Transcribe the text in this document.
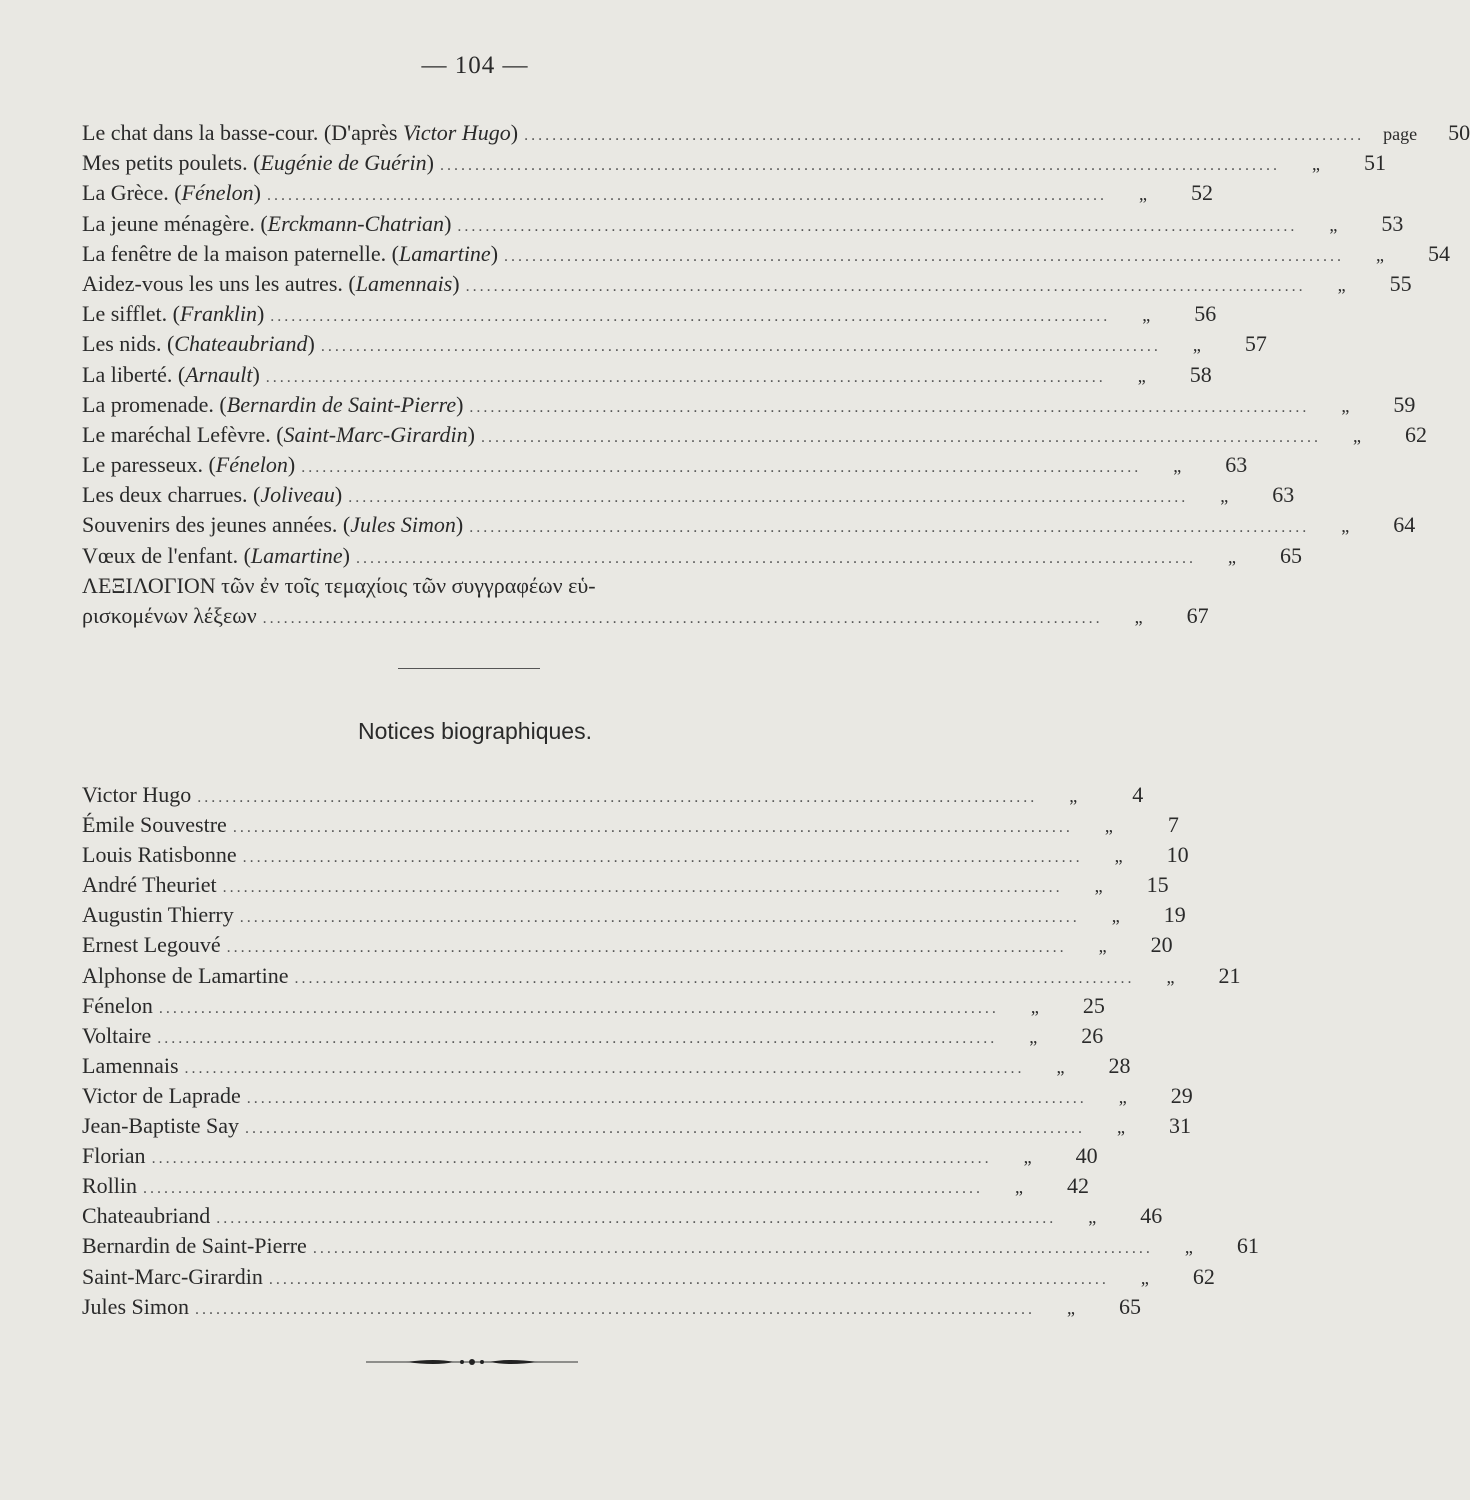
— 104 —
Le chat dans la basse-cour. (D'après Victor Hugo) ........................................................................................................................	page	50
Mes petits poulets. (Eugénie de Guérin) ........................................................................................................................	„	51
La Grèce. (Fénelon) ........................................................................................................................	„	52
La jeune ménagère. (Erckmann-Chatrian) ........................................................................................................................	„	53
La fenêtre de la maison paternelle. (Lamartine) ........................................................................................................................	„	54
Aidez-vous les uns les autres. (Lamennais) ........................................................................................................................	„	55
Le sifflet. (Franklin) ........................................................................................................................	„	56
Les nids. (Chateaubriand) ........................................................................................................................	„	57
La liberté. (Arnault) ........................................................................................................................	„	58
La promenade. (Bernardin de Saint-Pierre) ........................................................................................................................	„	59
Le maréchal Lefèvre. (Saint-Marc-Girardin) ........................................................................................................................	„	62
Le paresseux. (Fénelon) ........................................................................................................................	„	63
Les deux charrues. (Joliveau) ........................................................................................................................	„	63
Souvenirs des jeunes années. (Jules Simon) ........................................................................................................................	„	64
Vœux de l'enfant. (Lamartine) ........................................................................................................................	„	65
ΛΕΞΙΛΟΓΙΟΝ τῶν ἐν τοῖς τεμαχίοις τῶν συγγραφέων εὑ-
ρισκομένων λέξεων ........................................................................................................................	„	67
Notices biographiques.
Victor Hugo ........................................................................................................................	„	4
Émile Souvestre ........................................................................................................................	„	7
Louis Ratisbonne ........................................................................................................................	„	10
André Theuriet ........................................................................................................................	„	15
Augustin Thierry ........................................................................................................................	„	19
Ernest Legouvé ........................................................................................................................	„	20
Alphonse de Lamartine ........................................................................................................................	„	21
Fénelon ........................................................................................................................	„	25
Voltaire ........................................................................................................................	„	26
Lamennais ........................................................................................................................	„	28
Victor de Laprade ........................................................................................................................	„	29
Jean-Baptiste Say ........................................................................................................................	„	31
Florian ........................................................................................................................	„	40
Rollin ........................................................................................................................	„	42
Chateaubriand ........................................................................................................................	„	46
Bernardin de Saint-Pierre ........................................................................................................................	„	61
Saint-Marc-Girardin ........................................................................................................................	„	62
Jules Simon ........................................................................................................................	„	65
